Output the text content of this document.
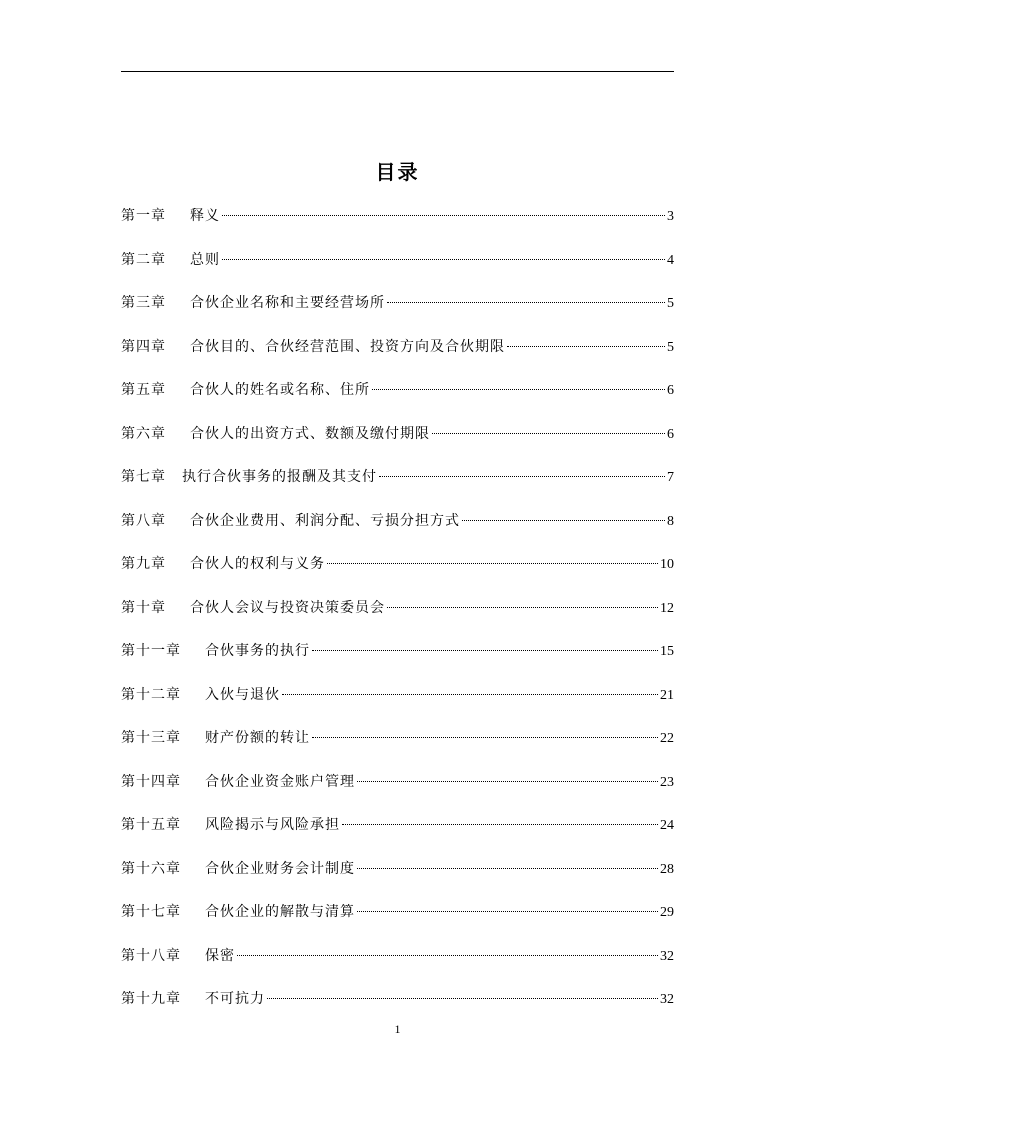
目录
第一章 释义	3
第二章 总则	4
第三章 合伙企业名称和主要经营场所	5
第四章 合伙目的、合伙经营范围、投资方向及合伙期限	5
第五章 合伙人的姓名或名称、住所	6
第六章 合伙人的出资方式、数额及缴付期限	6
第七章 执行合伙事务的报酬及其支付	7
第八章 合伙企业费用、利润分配、亏损分担方式	8
第九章 合伙人的权利与义务	10
第十章 合伙人会议与投资决策委员会	12
第十一章 合伙事务的执行	15
第十二章 入伙与退伙	21
第十三章 财产份额的转让	22
第十四章 合伙企业资金账户管理	23
第十五章 风险揭示与风险承担	24
第十六章 合伙企业财务会计制度	28
第十七章 合伙企业的解散与清算	29
第十八章 保密	32
第十九章 不可抗力	32
1
